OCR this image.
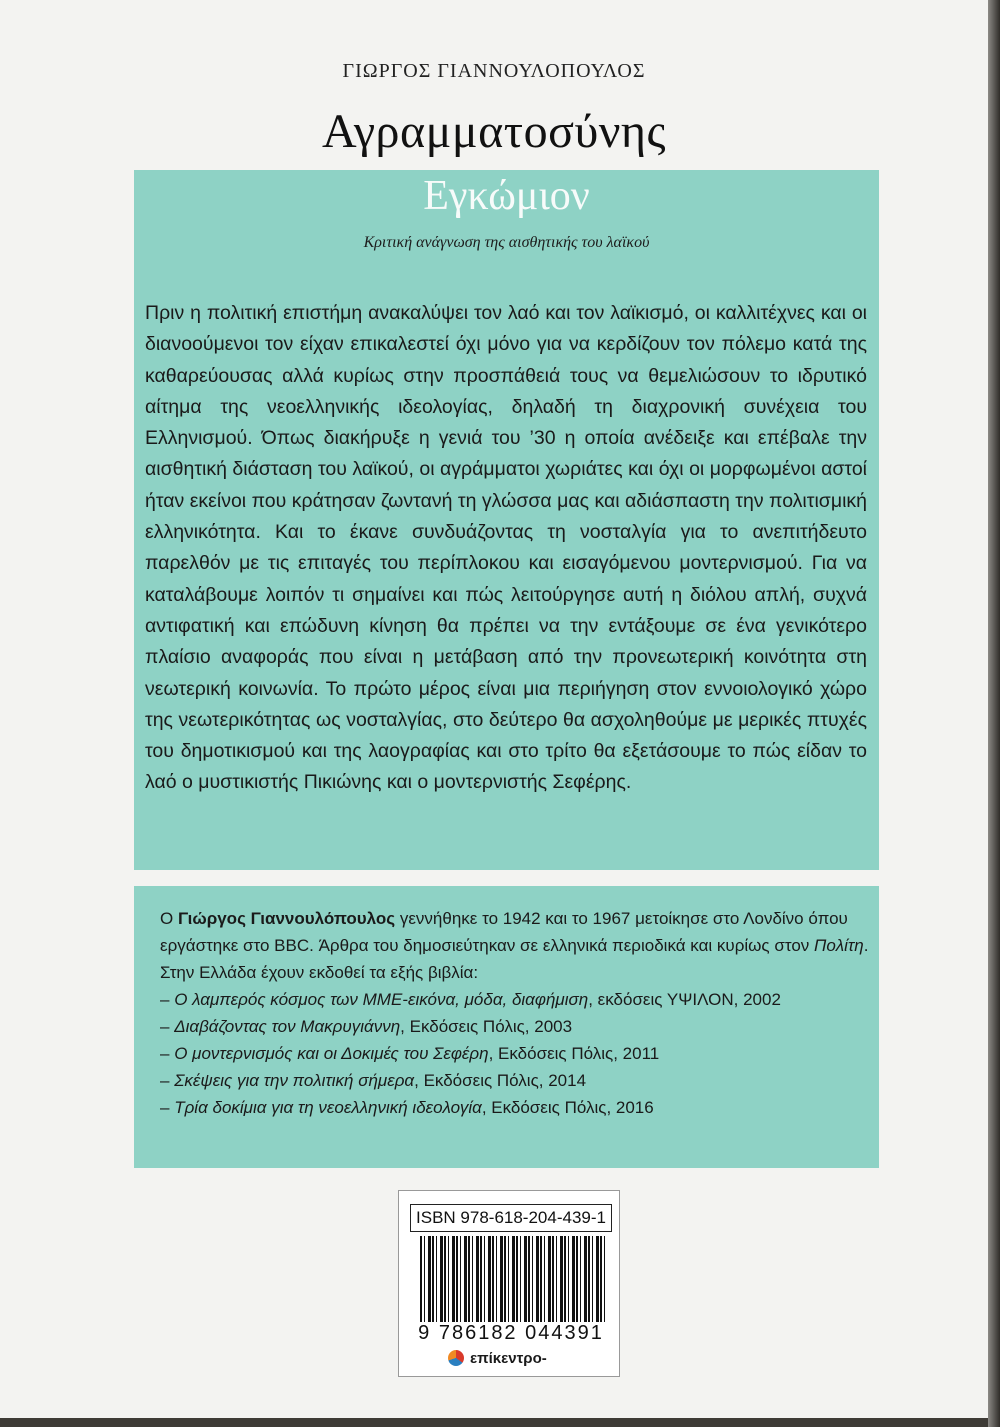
ΓΙΩΡΓΟΣ ΓΙΑΝΝΟΥΛΟΠΟΥΛΟΣ
Αγραμματοσύνης
Εγκώμιον
Κριτική ανάγνωση της αισθητικής του λαϊκού

Πριν η πολιτική επιστήμη ανακαλύψει τον λαό και τον λαϊκισμό, οι καλλιτέχνες και οι διανοούμενοι τον είχαν επικαλεστεί όχι μόνο για να κερδίζουν τον πόλεμο κατά της καθαρεύουσας αλλά κυρίως στην προσπάθειά τους να θεμελιώσουν το ιδρυτικό αίτημα της νεοελληνικής ιδεολογίας, δηλαδή τη διαχρονική συνέχεια του Ελληνισμού. Όπως διακήρυξε η γενιά του ’30 η οποία ανέδειξε και επέβαλε την αισθητική διάσταση του λαϊκού, οι αγράμματοι χωριάτες και όχι οι μορφωμένοι αστοί ήταν εκείνοι που κράτησαν ζωντανή τη γλώσσα μας και αδιάσπαστη την πολιτισμική ελληνικότητα. Και το έκανε συνδυάζοντας τη νοσταλγία για το ανεπιτήδευτο παρελθόν με τις επιταγές του περίπλοκου και εισαγόμενου μοντερνισμού. Για να καταλάβουμε λοιπόν τι σημαίνει και πώς λειτούργησε αυτή η διόλου απλή, συχνά αντιφατική και επώδυνη κίνηση θα πρέπει να την εντάξουμε σε ένα γενικότερο πλαίσιο αναφοράς που είναι η μετάβαση από την προνεωτερική κοινότητα στη νεωτερική κοινωνία. Το πρώτο μέρος είναι μια περιήγηση στον εννοιολογικό χώρο της νεωτερικότητας ως νοσταλγίας, στο δεύτερο θα ασχοληθούμε με μερικές πτυχές του δημοτικισμού και της λαογραφίας και στο τρίτο θα εξετάσουμε το πώς είδαν το λαό ο μυστικιστής Πικιώνης και ο μοντερνιστής Σεφέρης.

Ο Γιώργος Γιαννουλόπουλος γεννήθηκε το 1942 και το 1967 μετοίκησε στο Λονδίνο όπου εργάστηκε στο BBC. Άρθρα του δημοσιεύτηκαν σε ελληνικά περιοδικά και κυρίως στον Πολίτη. Στην Ελλάδα έχουν εκδοθεί τα εξής βιβλία:
– Ο λαμπερός κόσμος των ΜΜΕ-εικόνα, μόδα, διαφήμιση, εκδόσεις ΥΨΙΛΟΝ, 2002
– Διαβάζοντας τον Μακρυγιάννη, Εκδόσεις Πόλις, 2003
– Ο μοντερνισμός και οι Δοκιμές του Σεφέρη, Εκδόσεις Πόλις, 2011
– Σκέψεις για την πολιτική σήμερα, Εκδόσεις Πόλις, 2014
– Τρία δοκίμια για τη νεοελληνική ιδεολογία, Εκδόσεις Πόλις, 2016
ISBN 978-618-204-439-1
9 786182 044391
επίκεντρο-
